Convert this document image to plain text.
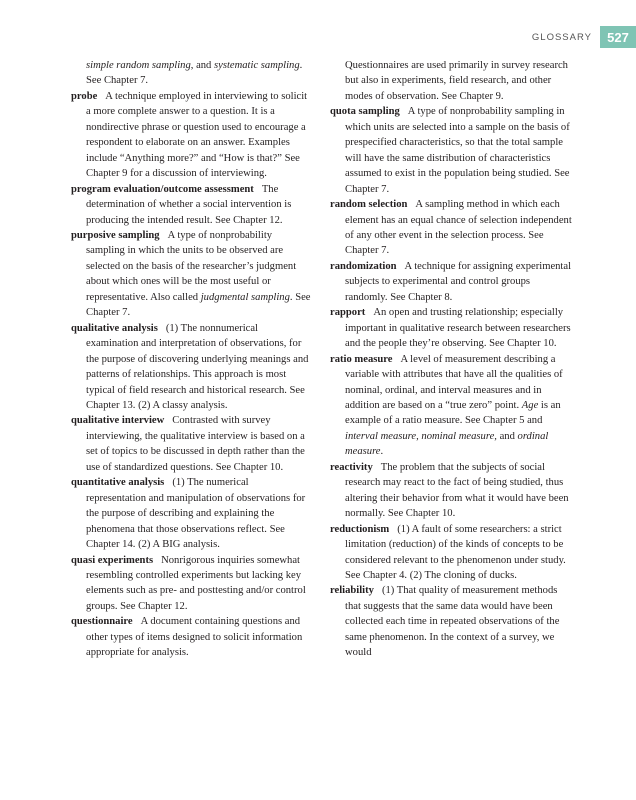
GLOSSARY	527

simple random sampling, and systematic sampling. See Chapter 7.

probe A technique employed in interviewing to solicit a more complete answer to a question. It is a nondirective phrase or question used to encourage a respondent to elaborate on an answer. Examples include “Anything more?” and “How is that?” See Chapter 9 for a discussion of interviewing.

program evaluation/outcome assessment The determination of whether a social intervention is producing the intended result. See Chapter 12.

purposive sampling A type of nonprobability sampling in which the units to be observed are selected on the basis of the researcher’s judgment about which ones will be the most useful or representative. Also called judgmental sampling. See Chapter 7.

qualitative analysis (1) The nonnumerical examination and interpretation of observations, for the purpose of discovering underlying meanings and patterns of relationships. This approach is most typical of field research and historical research. See Chapter 13. (2) A classy analysis.

qualitative interview Contrasted with survey interviewing, the qualitative interview is based on a set of topics to be discussed in depth rather than the use of standardized questions. See Chapter 10.

quantitative analysis (1) The numerical representation and manipulation of observations for the purpose of describing and explaining the phenomena that those observations reflect. See Chapter 14. (2) A BIG analysis.

quasi experiments Nonrigorous inquiries somewhat resembling controlled experiments but lacking key elements such as pre- and posttesting and/or control groups. See Chapter 12.

questionnaire A document containing questions and other types of items designed to solicit information appropriate for analysis.

Questionnaires are used primarily in survey research but also in experiments, field research, and other modes of observation. See Chapter 9.

quota sampling A type of nonprobability sampling in which units are selected into a sample on the basis of prespecified characteristics, so that the total sample will have the same distribution of characteristics assumed to exist in the population being studied. See Chapter 7.

random selection A sampling method in which each element has an equal chance of selection independent of any other event in the selection process. See Chapter 7.

randomization A technique for assigning experimental subjects to experimental and control groups randomly. See Chapter 8.

rapport An open and trusting relationship; especially important in qualitative research between researchers and the people they’re observing. See Chapter 10.

ratio measure A level of measurement describing a variable with attributes that have all the qualities of nominal, ordinal, and interval measures and in addition are based on a “true zero” point. Age is an example of a ratio measure. See Chapter 5 and interval measure, nominal measure, and ordinal measure.

reactivity The problem that the subjects of social research may react to the fact of being studied, thus altering their behavior from what it would have been normally. See Chapter 10.

reductionism (1) A fault of some researchers: a strict limitation (reduction) of the kinds of concepts to be considered relevant to the phenomenon under study. See Chapter 4. (2) The cloning of ducks.

reliability (1) That quality of measurement methods that suggests that the same data would have been collected each time in repeated observations of the same phenomenon. In the context of a survey, we would
